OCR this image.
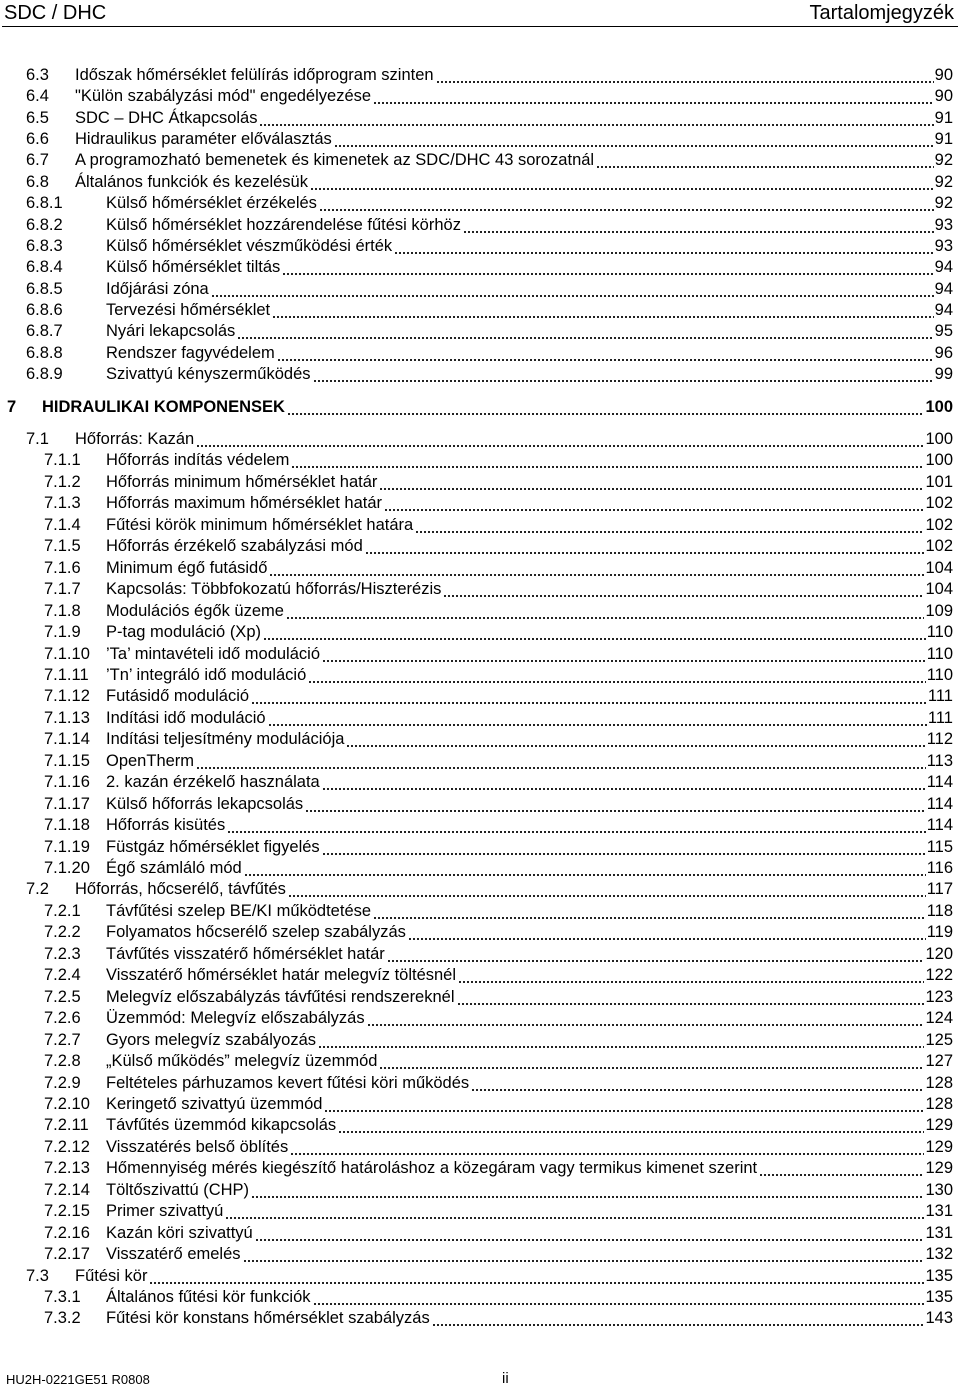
SDC / DHC	Tartalomjegyzék
6.3 Időszak hőmérséklet felülírás időprogram szinten	90
6.4 "Külön szabályzási mód" engedélyezése	90
6.5 SDC – DHC Átkapcsolás	91
6.6 Hidraulikus paraméter előválasztás	91
6.7 A programozható bemenetek és kimenetek az SDC/DHC 43 sorozatnál	92
6.8 Általános funkciók és kezelésük	92
6.8.1	Külső hőmérséklet érzékelés	92
6.8.2	Külső hőmérséklet hozzárendelése fűtési körhöz	93
6.8.3	Külső hőmérséklet vészműködési érték	93
6.8.4	Külső hőmérséklet tiltás	94
6.8.5	Időjárási zóna	94
6.8.6	Tervezési hőmérséklet	94
6.8.7	Nyári lekapcsolás	95
6.8.8	Rendszer fagyvédelem	96
6.8.9	Szivattyú kényszerműködés	99
7 HIDRAULIKAI KOMPONENSEK	100
7.1 Hőforrás: Kazán	100
7.1.1 Hőforrás indítás védelem	100
7.1.2 Hőforrás minimum hőmérséklet határ	101
7.1.3 Hőforrás maximum hőmérséklet határ	102
7.1.4 Fűtési körök minimum hőmérséklet határa	102
7.1.5 Hőforrás érzékelő szabályzási mód	102
7.1.6 Minimum égő futásidő	104
7.1.7 Kapcsolás: Többfokozatú hőforrás/Hiszterézis	104
7.1.8 Modulációs égők üzeme	109
7.1.9 P-tag moduláció (Xp)	110
7.1.10 ’Ta’ mintavételi idő moduláció	110
7.1.11 ’Tn’ integráló idő moduláció	110
7.1.12 Futásidő moduláció	111
7.1.13 Indítási idő moduláció	111
7.1.14 Indítási teljesítmény modulációja	112
7.1.15 OpenTherm	113
7.1.16 2. kazán érzékelő használata	114
7.1.17 Külső hőforrás lekapcsolás	114
7.1.18 Hőforrás kisütés	114
7.1.19 Füstgáz hőmérséklet figyelés	115
7.1.20 Égő számláló mód	116
7.2 Hőforrás, hőcserélő, távfűtés	117
7.2.1 Távfűtési szelep BE/KI működtetése	118
7.2.2 Folyamatos hőcserélő szelep szabályzás	119
7.2.3 Távfűtés visszatérő hőmérséklet határ	120
7.2.4 Visszatérő hőmérséklet határ melegvíz töltésnél	122
7.2.5 Melegvíz előszabályzás távfűtési rendszereknél	123
7.2.6 Üzemmód: Melegvíz előszabályzás	124
7.2.7 Gyors melegvíz szabályozás	125
7.2.8 „Külső működés” melegvíz üzemmód	127
7.2.9 Feltételes párhuzamos kevert fűtési köri működés	128
7.2.10 Keringető szivattyú üzemmód	128
7.2.11 Távfűtés üzemmód kikapcsolás	129
7.2.12 Visszatérés belső öblítés	129
7.2.13 Hőmennyiség mérés kiegészítő határoláshoz a közegáram vagy termikus kimenet szerint	129
7.2.14 Töltőszivattú (CHP)	130
7.2.15 Primer szivattyú	131
7.2.16 Kazán köri szivattyú	131
7.2.17 Visszatérő emelés	132
7.3 Fűtési kör	135
7.3.1 Általános fűtési kör funkciók	135
7.3.2 Fűtési kör konstans hőmérséklet szabályzás	143
HU2H-0221GE51 R0808	ii
